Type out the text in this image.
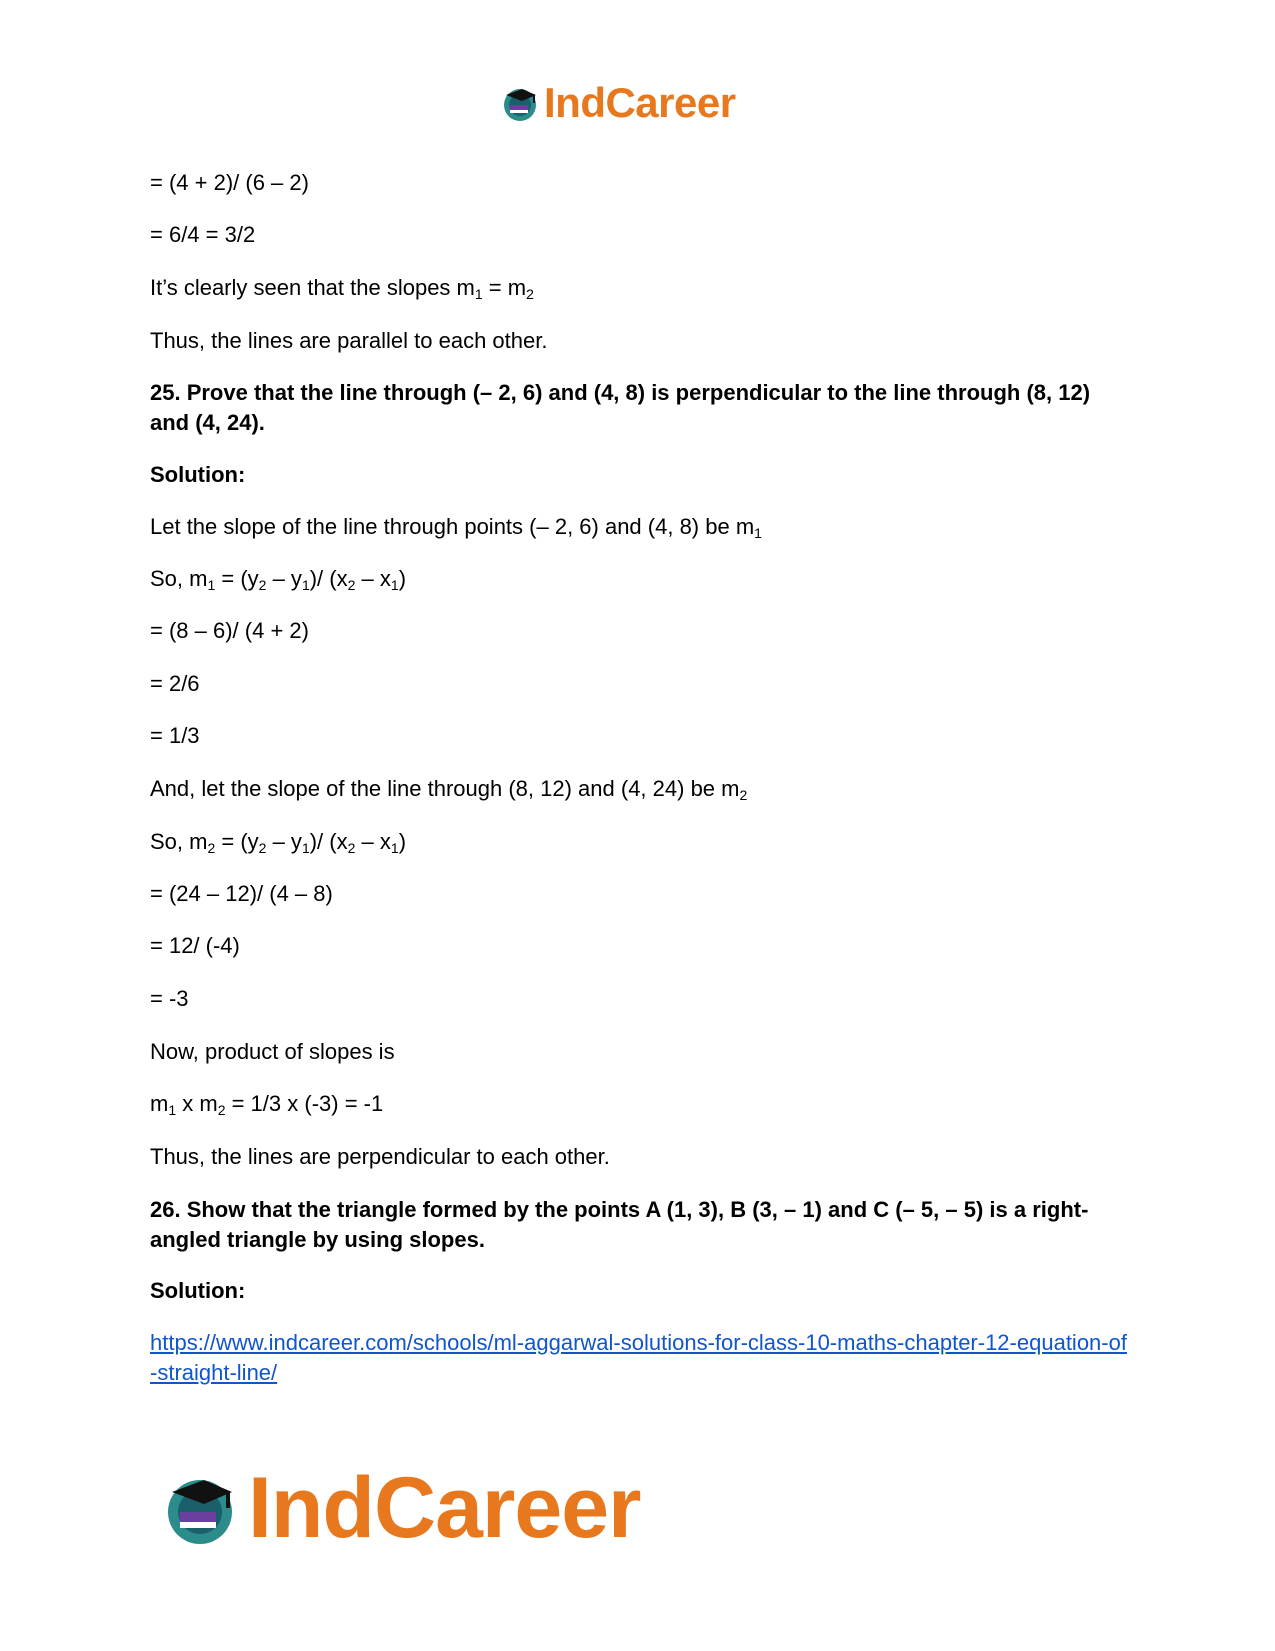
IndCareer
= (4 + 2)/ (6 – 2)
= 6/4 = 3/2
It’s clearly seen that the slopes $m_1 = m_2$
Thus, the lines are parallel to each other.
25. Prove that the line through (– 2, 6) and (4, 8) is perpendicular to the line through (8, 12) and (4, 24).
Solution:
Let the slope of the line through points (– 2, 6) and (4, 8) be $m_1$
So, $m_1 = (y_2 - y_1)/$ $(x_2 - x_1)$
= (8 – 6)/ (4 + 2)
= 2/6
= 1/3
And, let the slope of the line through (8, 12) and (4, 24) be $m_2$
So, $m_2 = (y_2 - y_1)/$ $(x_2 - x_1)$
= (24 – 12)/ (4 – 8)
= 12/ (-4)
= -3
Now, product of slopes is
$m_1$ x $m_2 = 1/3$ x (-3) = -1
Thus, the lines are perpendicular to each other.
26. Show that the triangle formed by the points A (1, 3), B (3, – 1) and C (– 5, – 5) is a right-angled triangle by using slopes.
Solution:
https://www.indcareer.com/schools/ml-aggarwal-solutions-for-class-10-maths-chapter-12-equation-of-straight-line/
IndCareer
